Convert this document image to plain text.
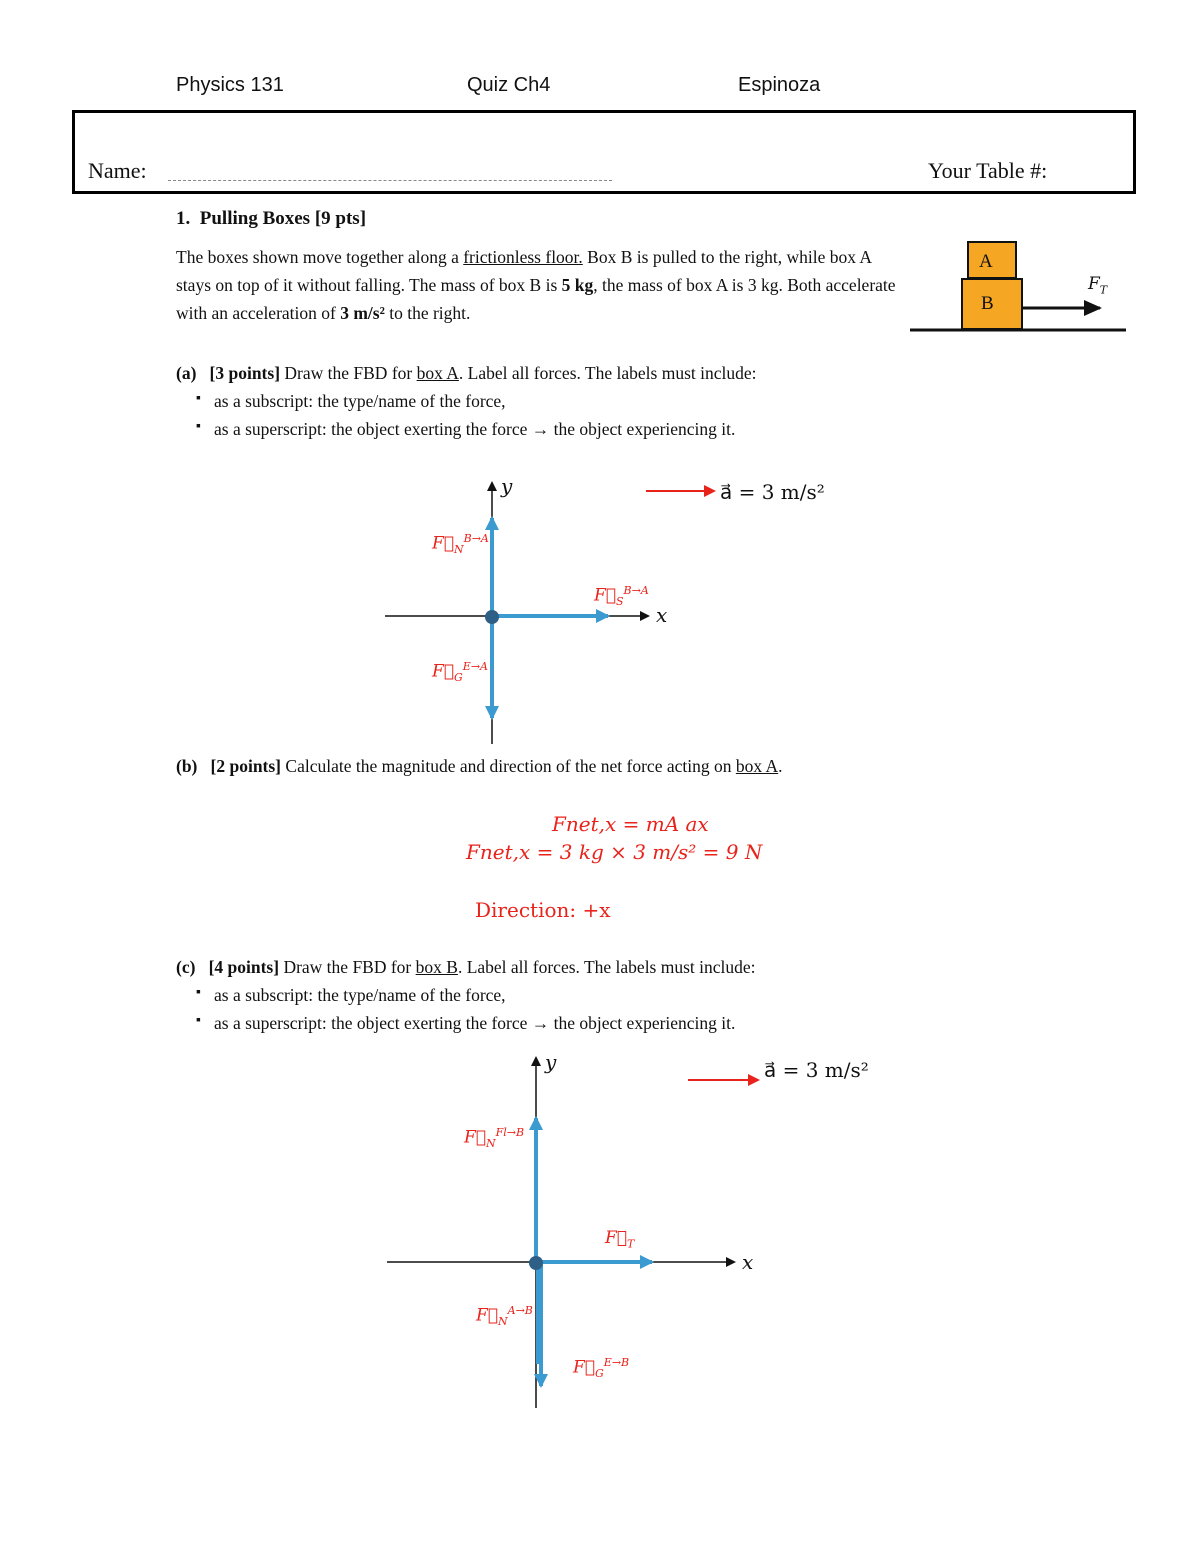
Physics 131	Quiz Ch4	Espinoza
Name:	Your Table #:
1. Pulling Boxes [9 pts]
The boxes shown move together along a frictionless floor. Box B is pulled to the right, while box A stays on top of it without falling. The mass of box B is 5 kg, the mass of box A is 3 kg. Both accelerate with an acceleration of 3 m/s² to the right.
A
B
$F_T$
(a) [3 points] Draw the FBD for box A. Label all forces. The labels must include:
▪ as a subscript: the type/name of the force,
▪ as a superscript: the object exerting the force → the object experiencing it.
y
x
a⃗ = 3 m/s²
$F⃗_N^{B\to A}$
$F⃗_S^{B\to A}$
$F⃗_G^{E\to A}$
(b) [2 points] Calculate the magnitude and direction of the net force acting on box A.
Fnet,x = mA ax
Fnet,x = 3 kg × 3 m/s² = 9 N
Direction: +x
(c) [4 points] Draw the FBD for box B. Label all forces. The labels must include:
▪ as a subscript: the type/name of the force,
▪ as a superscript: the object exerting the force → the object experiencing it.
y
x
a⃗ = 3 m/s²
$F⃗_N^{Fl\to B}$
$F⃗_T$
$F⃗_N^{A\to B}$
$F⃗_G^{E\to B}$
